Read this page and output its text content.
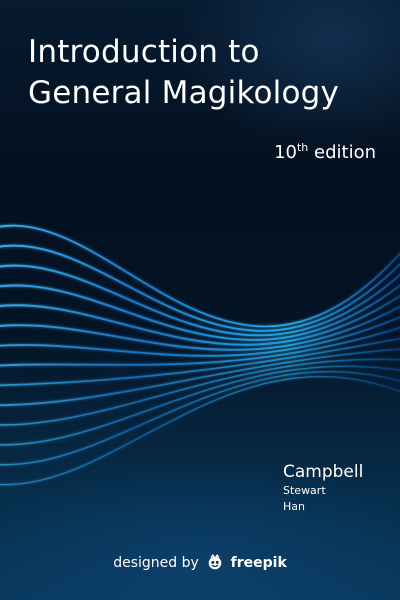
Introduction to
General Magikology
10th edition
Campbell
Stewart
Han
designed by freepik
